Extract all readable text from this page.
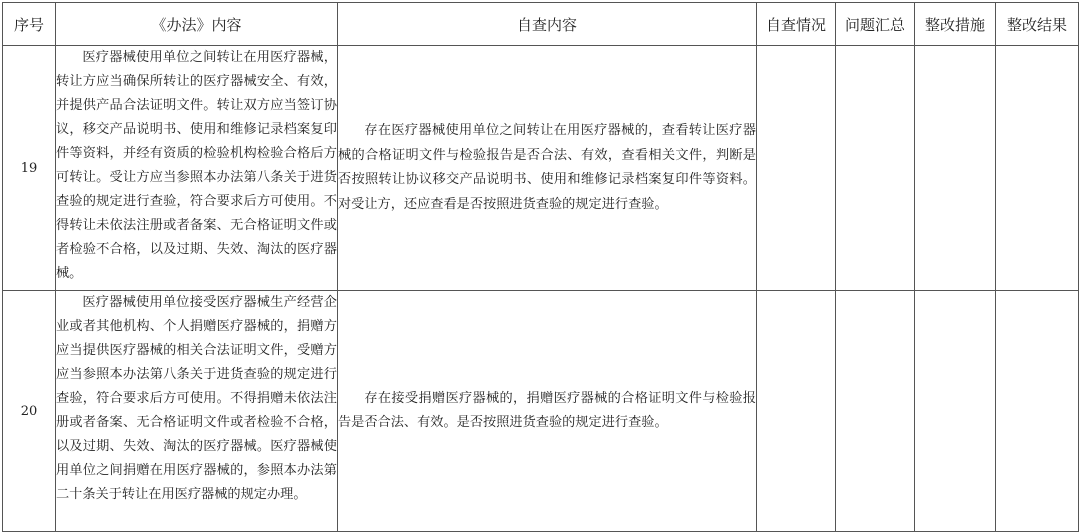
序号	《办法》内容	自查内容	自查情况	问题汇总	整改措施	整改结果
19	医疗器械使用单位之间转让在用医疗器械，转让方应当确保所转让的医疗器械安全、有效，并提供产品合法证明文件。转让双方应当签订协议，移交产品说明书、使用和维修记录档案复印件等资料，并经有资质的检验机构检验合格后方可转让。受让方应当参照本办法第八条关于进货查验的规定进行查验，符合要求后方可使用。不得转让未依法注册或者备案、无合格证明文件或者检验不合格，以及过期、失效、淘汰的医疗器械。	存在医疗器械使用单位之间转让在用医疗器械的，查看转让医疗器械的合格证明文件与检验报告是否合法、有效，查看相关文件，判断是否按照转让协议移交产品说明书、使用和维修记录档案复印件等资料。对受让方，还应查看是否按照进货查验的规定进行查验。				

20	医疗器械使用单位接受医疗器械生产经营企业或者其他机构、个人捐赠医疗器械的，捐赠方应当提供医疗器械的相关合法证明文件，受赠方应当参照本办法第八条关于进货查验的规定进行查验，符合要求后方可使用。不得捐赠未依法注册或者备案、无合格证明文件或者检验不合格，以及过期、失效、淘汰的医疗器械。医疗器械使用单位之间捐赠在用医疗器械的，参照本办法第二十条关于转让在用医疗器械的规定办理。	存在接受捐赠医疗器械的，捐赠医疗器械的合格证明文件与检验报告是否合法、有效。是否按照进货查验的规定进行查验。				
